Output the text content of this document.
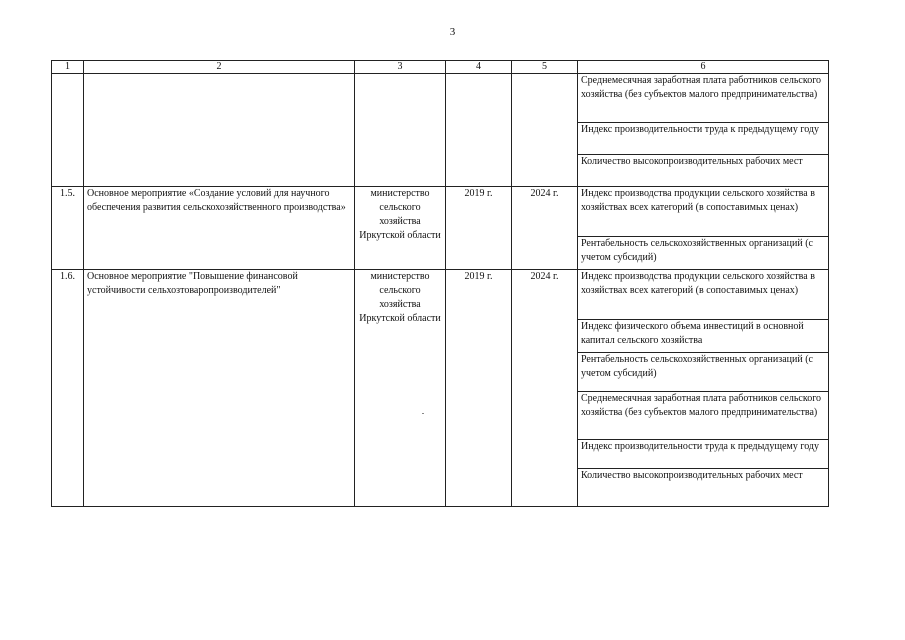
3
1	2	3	4	5	6
					Среднемесячная заработная плата работников сельского хозяйства (без субъектов малого предпринимательства)
					Индекс производительности труда к предыдущему году
					Количество высокопроизводительных рабочих мест
1.5.	Основное мероприятие «Создание условий для научного обеспечения развития сельскохозяйственного производства»	министерство сельского хозяйства Иркутской области	2019 г.	2024 г.	Индекс производства продукции сельского хозяйства в хозяйствах всех категорий (в сопоставимых ценах)
					Рентабельность сельскохозяйственных организаций (с учетом субсидий)
1.6.	Основное мероприятие "Повышение финансовой устойчивости сельхозтоваропроизводителей"	министерство сельского хозяйства Иркутской области	2019 г.	2024 г.	Индекс производства продукции сельского хозяйства в хозяйствах всех категорий (в сопоставимых ценах)
					Индекс физического объема инвестиций в основной капитал сельского хозяйства
					Рентабельность сельскохозяйственных организаций (с учетом субсидий)
					Среднемесячная заработная плата работников сельского хозяйства (без субъектов малого предпринимательства)
					Индекс производительности труда к предыдущему году
					Количество высокопроизводительных рабочих мест
